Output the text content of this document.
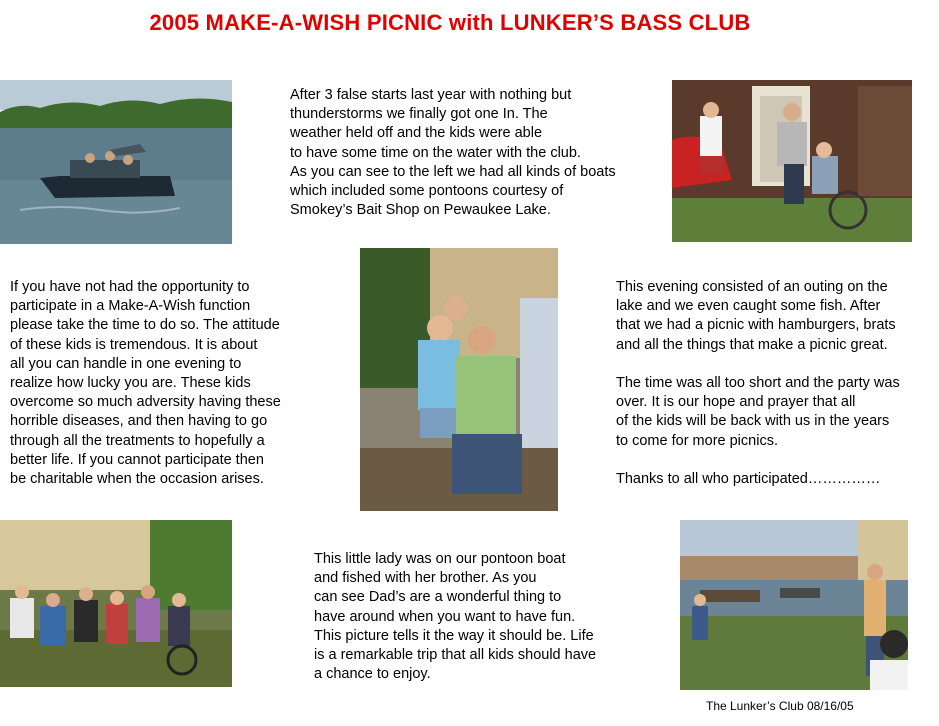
2005 MAKE-A-WISH PICNIC with LUNKER’S BASS CLUB
After 3 false starts last year with nothing but
thunderstorms we finally got one In. The
weather held off and the kids were able
to have some time on the water with the club.
As you can see to the left we had all kinds of boats
which included some pontoons courtesy of
Smokey’s Bait Shop on Pewaukee Lake.
If you have not had the opportunity to
participate in a Make-A-Wish function
please take the time to do so. The attitude
of these kids is tremendous. It is about
all you can handle in one evening to
realize how lucky you are. These kids
overcome so much adversity having these
horrible diseases, and then having to go
through all the treatments to hopefully a
better life. If you cannot participate then
be charitable when the occasion arises.
This evening consisted of an outing on the
lake and we even caught some fish. After
that we had a picnic with hamburgers, brats
and all the things that make a picnic great.

The time was all too short and the party was
over. It is our hope and prayer that all
of the kids will be back with us in the years
to come for more picnics.

Thanks to all who participated……………
This little lady was on our pontoon boat
and fished with her brother. As you
can see Dad’s are a wonderful thing to
have around when you want to have fun.
This picture tells it the way it should be. Life
is a remarkable trip that all kids should have
a chance to enjoy.
The Lunker’s Club 08/16/05
